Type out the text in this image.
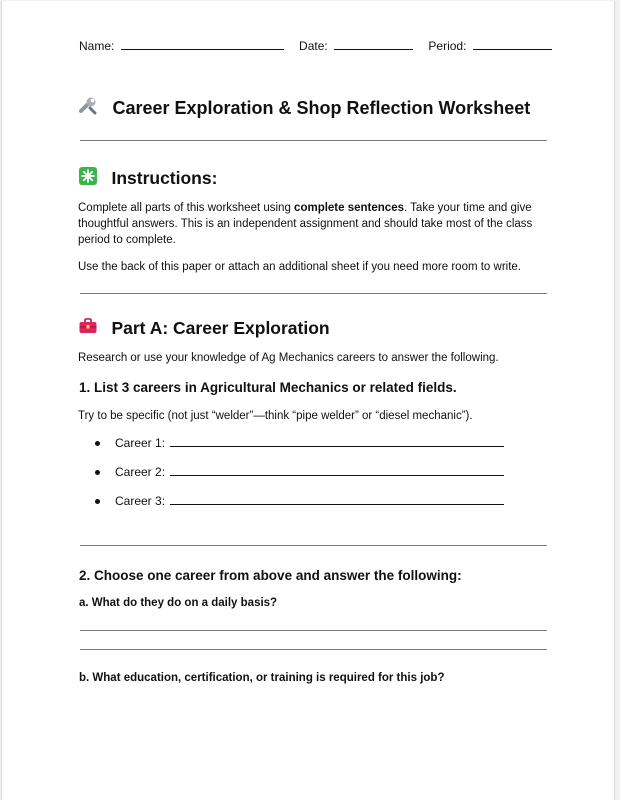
Name:	Date:	Period:
Career Exploration & Shop Reflection Worksheet
Instructions:
Complete all parts of this worksheet using complete sentences. Take your time and give thoughtful answers. This is an independent assignment and should take most of the class period to complete.
Use the back of this paper or attach an additional sheet if you need more room to write.
Part A: Career Exploration
Research or use your knowledge of Ag Mechanics careers to answer the following.
1. List 3 careers in Agricultural Mechanics or related fields.
Try to be specific (not just “welder”—think “pipe welder” or “diesel mechanic”).
Career 1:
Career 2:
Career 3:
2. Choose one career from above and answer the following:
a. What do they do on a daily basis?
b. What education, certification, or training is required for this job?
